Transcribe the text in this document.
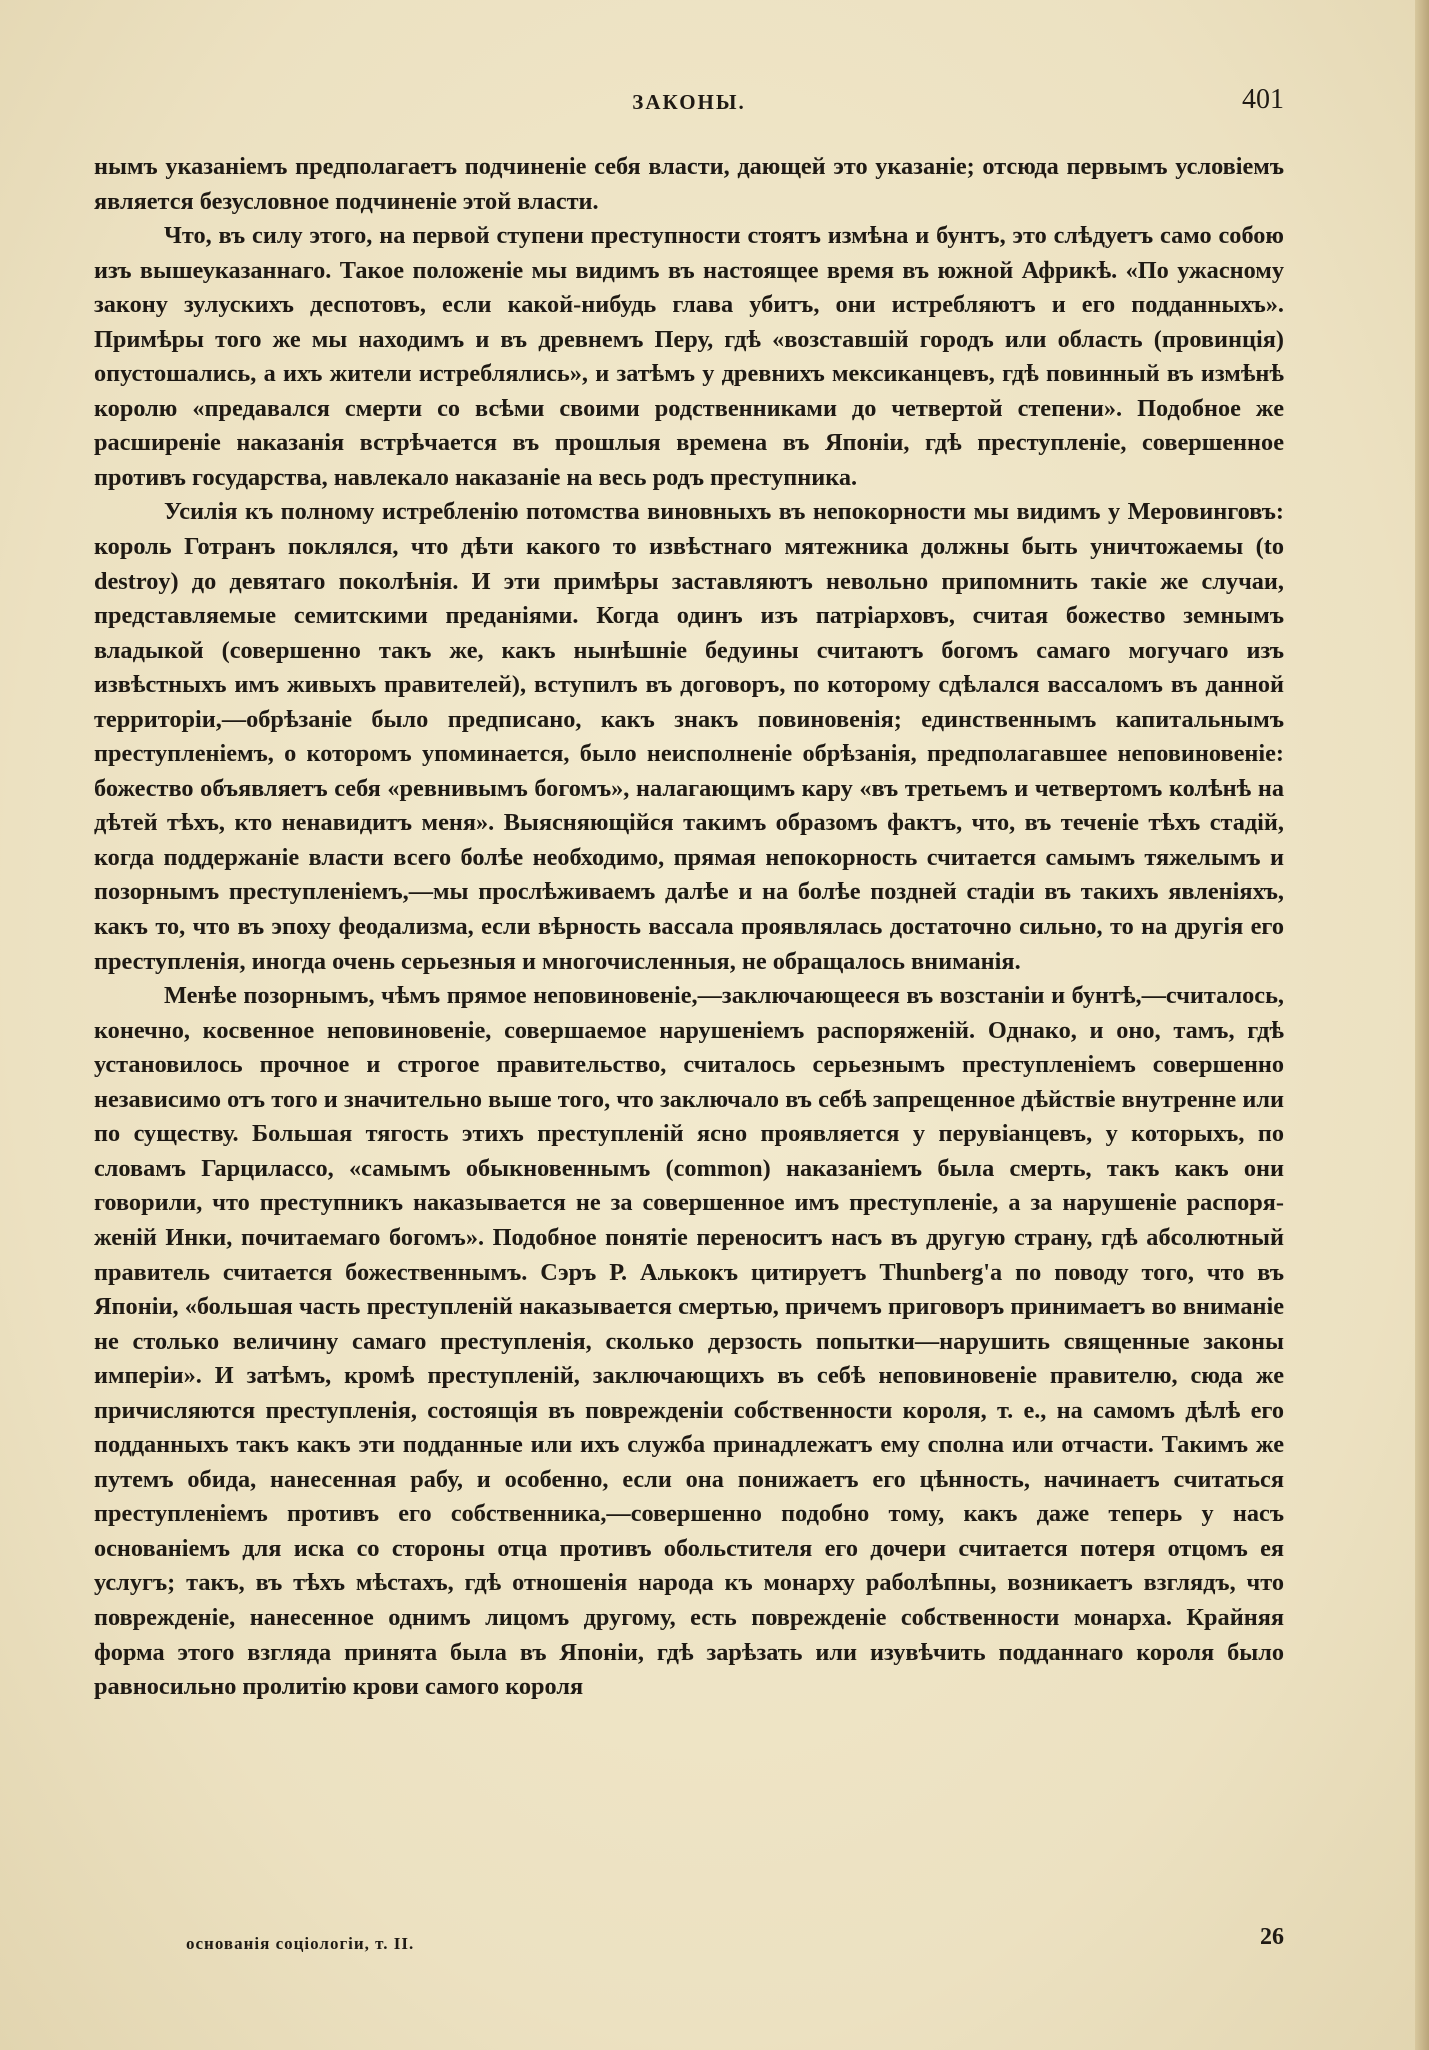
ЗАКОНЫ.	401

нымъ указаніемъ предполагаетъ подчиненіе себя власти, дающей это указаніе; отсюда первымъ условіемъ является безусловное подчиненіе этой власти.

Что, въ силу этого, на первой ступени преступности стоятъ измѣна и бунтъ, это слѣдуетъ само собою изъ вышеуказаннаго. Такое положеніе мы видимъ въ настоящее время въ южной Африкѣ. «По ужасному закону зулускихъ деспотовъ, если какой-нибудь глава убитъ, они истребляютъ и его подданныхъ». Примѣры того же мы находимъ и въ древнемъ Перу, гдѣ «возставшій городъ или область (провинція) опустошались, а ихъ жители истреблялись», и затѣмъ у древнихъ мексиканцевъ, гдѣ повинный въ измѣнѣ королю «предавался смерти со всѣми своими родственниками до четвертой степени». Подобное же расширеніе наказанія встрѣчается въ прошлыя времена въ Японіи, гдѣ преступленіе, совершенное противъ государства, навлекало наказаніе на весь родъ преступника.

Усилія къ полному истребленію потомства виновныхъ въ непокорности мы видимъ у Меровинговъ: король Готранъ поклялся, что дѣти какого то извѣстнаго мятежника должны быть уничтожаемы (to destroy) до девятаго поколѣнія. И эти примѣры заставляютъ невольно припомнить такіе же случаи, представляемые семитскими преданіями. Когда одинъ изъ патріарховъ, считая божество земнымъ владыкой (совершенно такъ же, какъ нынѣшніе бедуины считаютъ богомъ самаго могучаго изъ извѣстныхъ имъ живыхъ правителей), вступилъ въ договоръ, по которому сдѣлался вассаломъ въ данной территоріи,—обрѣзаніе было предписано, какъ знакъ повиновенія; единственнымъ капитальнымъ преступленіемъ, о которомъ упоминается, было неисполненіе обрѣзанія, предполагавшее неповиновеніе: божество объявляетъ себя «ревнивымъ богомъ», налагающимъ кару «въ третьемъ и четвертомъ колѣнѣ на дѣтей тѣхъ, кто ненавидитъ меня». Выясняющійся такимъ образомъ фактъ, что, въ теченіе тѣхъ стадій, когда поддержаніе власти всего болѣе необходимо, прямая непокорность считается самымъ тяжелымъ и позорнымъ преступленіемъ,—мы прослѣживаемъ далѣе и на болѣе поздней стадіи въ такихъ явленіяхъ, какъ то, что въ эпоху феодализма, если вѣрность вассала проявлялась достаточно сильно, то на другія его преступленія, иногда очень серьезныя и многочисленныя, не обращалось вниманія.

Менѣе позорнымъ, чѣмъ прямое неповиновеніе,—заключающееся въ возстаніи и бунтѣ,—считалось, конечно, косвенное неповиновеніе, совершаемое нарушеніемъ распоряженій. Однако, и оно, тамъ, гдѣ установилось прочное и строгое правительство, считалось серьезнымъ преступленіемъ совершенно независимо отъ того и значительно выше того, что заключало въ себѣ запрещенное дѣйствіе внутренне или по существу. Большая тягость этихъ преступленій ясно проявляется у перувіанцевъ, у которыхъ, по словамъ Гарциласco, «самымъ обыкновеннымъ (common) наказаніемъ была смерть, такъ какъ они говорили, что преступникъ наказывается не за совершенное имъ преступленіе, а за нарушеніе распоряженій Инки, почитаемаго богомъ». Подобное понятіе переноситъ насъ въ другую страну, гдѣ абсолютный правитель считается божественнымъ. Сэръ Р. Алькокъ цитируетъ Thunberg'а по поводу того, что въ Японіи, «большая часть преступленій наказывается смертью, причемъ приговоръ принимаетъ во вниманіе не столько величину самаго преступленія, сколько дерзость попытки—нарушить священные законы имперіи». И затѣмъ, кромѣ преступленій, заключающихъ въ себѣ неповиновеніе правителю, сюда же причисляются преступленія, состоящія въ поврежденіи собственности короля, т. е., на самомъ дѣлѣ его подданныхъ такъ какъ эти подданные или ихъ служба принадлежатъ ему сполна или отчасти. Такимъ же путемъ обида, нанесенная рабу, и особенно, если она понижаетъ его цѣнность, начинаетъ считаться преступленіемъ противъ его собственника,—совершенно подобно тому, какъ даже теперь у насъ основаніемъ для иска со стороны отца противъ обольстителя его дочери считается потеря отцомъ ея услугъ; такъ, въ тѣхъ мѣстахъ, гдѣ отношенія народа къ монарху раболѣпны, возникаетъ взглядъ, что поврежденіе, нанесенное однимъ лицомъ другому, есть поврежденіе собственности монарха. Крайняя форма этого взгляда принята была въ Японіи, гдѣ зарѣзать или изувѣчить подданнаго короля было равносильно пролитію крови самого короля

основанія соціологіи, т. II.	26
